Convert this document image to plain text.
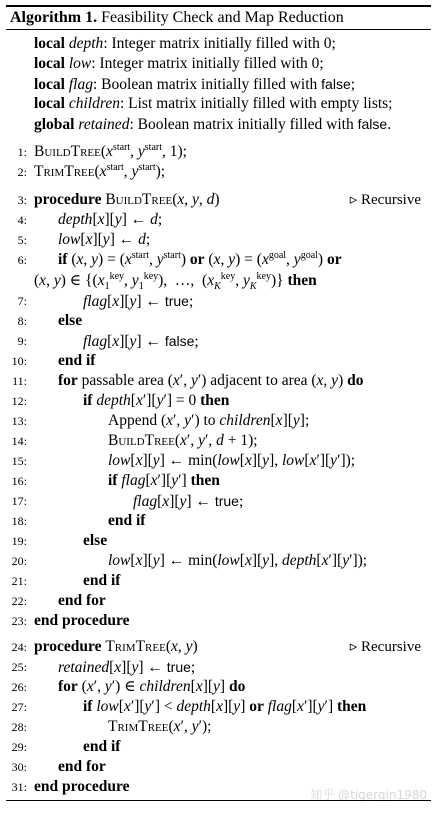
Algorithm 1. Feasibility Check and Map Reduction
local depth: Integer matrix initially filled with 0;
local low: Integer matrix initially filled with 0;
local flag: Boolean matrix initially filled with false;
local children: List matrix initially filled with empty lists;
global retained: Boolean matrix initially filled with false.
1: $BuildTree(x^{start}$, $y^{start}$, 1);
2: $TrimTree(x^{start}$, $y^{start}$);
3: procedure BuildTree(x, y, d)	▹ Recursive
4: depth[x][y] ← d;
5: low[x][y] ← d;
6: if (x, $y) = (x^{start}$, $y^{start}$) or (x, $y) = (x^{goal}$, $y^{goal}$) or
(x, y) ∈ {($x_1^{key}$, $y_1^{key}$),  …,  ($x_K^{key}$, $y_K^{key}$)} then
7:	flag[x][y] ← true;
8: else
9:	flag[x][y] ← false;
10: end if
11: for passable area (x′, y′) adjacent to area (x, y) do
12:	if depth[x′][y′] = 0 then
13:	Append (x′, y′) to children[x][y];
14:	BuildTree(x′, y′, d + 1);
15:	low[x][y] ← min(low[x][y], low[x′][y′]);
16:	if flag[x′][y′] then
17:	flag[x][y] ← true;
18:	end if
19:	else
20:	low[x][y] ← min(low[x][y], depth[x′][y′]);
21:	end if
22: end for
23: end procedure
24: procedure TrimTree(x, y)	▹ Recursive
25: retained[x][y] ← true;
26: for (x′, y′) ∈ children[x][y] do
27:	if low[x′][y′] < depth[x][y] or flag[x′][y′] then
28:	TrimTree(x′, y′);
29:	end if
30: end for
31: end procedure	知乎 @tigerqin1980
